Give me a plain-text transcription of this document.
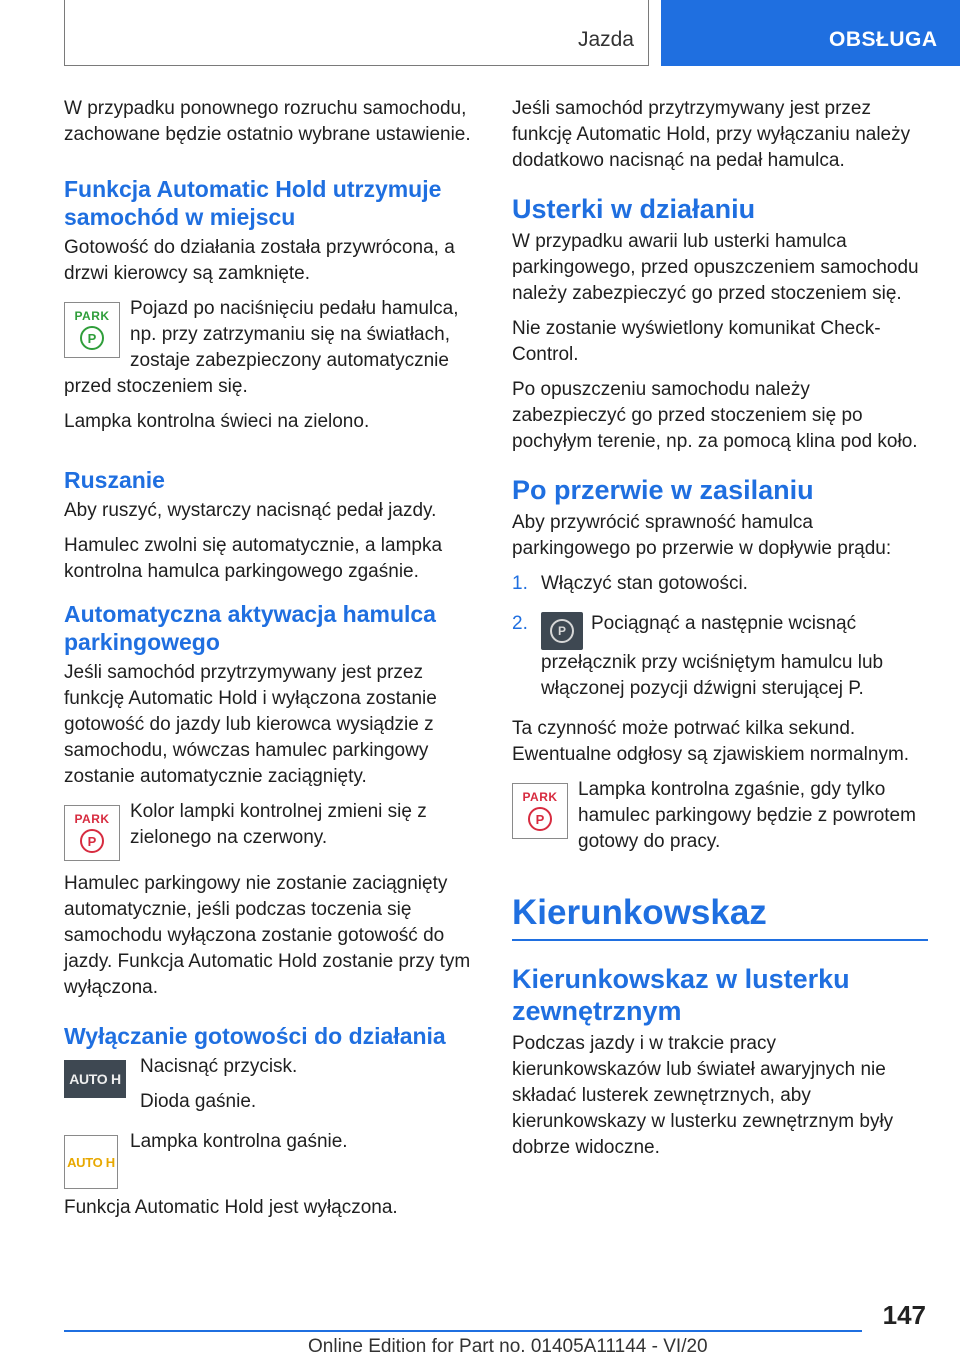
Jazda	OBSŁUGA

W przypadku ponownego rozruchu samochodu, zachowane będzie ostatnio wybrane ustawienie.

Funkcja Automatic Hold utrzymuje samochód w miejscu

Gotowość do działania została przywrócona, a drzwi kierowcy są zamknięte.

PARK
P

Pojazd po naciśnięciu pedału hamulca, np. przy zatrzymaniu się na światłach, zostaje zabezpieczony automatycznie

przed stoczeniem się.

Lampka kontrolna świeci na zielono.

Ruszanie

Aby ruszyć, wystarczy nacisnąć pedał jazdy.

Hamulec zwolni się automatycznie, a lampka kontrolna hamulca parkingowego zgaśnie.

Automatyczna aktywacja hamulca parkingowego

Jeśli samochód przytrzymywany jest przez funkcję Automatic Hold i wyłączona zostanie gotowość do jazdy lub kierowca wysiądzie z samochodu, wówczas hamulec parkingowy zostanie automatycznie zaciągnięty.

PARK
P

Kolor lampki kontrolnej zmieni się z zielonego na czerwony.

Hamulec parkingowy nie zostanie zaciągnięty automatycznie, jeśli podczas toczenia się samochodu wyłączona zostanie gotowość do jazdy. Funkcja Automatic Hold zostanie przy tym wyłączona.

Wyłączanie gotowości do działania
AUTO H

Nacisnąć przycisk.

Dioda gaśnie.

AUTO H

Lampka kontrolna gaśnie.

Funkcja Automatic Hold jest wyłączona.

Jeśli samochód przytrzymywany jest przez funkcję Automatic Hold, przy wyłączaniu należy dodatkowo nacisnąć na pedał hamulca.

Usterki w działaniu

W przypadku awarii lub usterki hamulca parkingowego, przed opuszczeniem samochodu należy zabezpieczyć go przed stoczeniem się.

Nie zostanie wyświetlony komunikat Check-Control.

Po opuszczeniu samochodu należy zabezpieczyć go przed stoczeniem się po pochyłym terenie, np. za pomocą klina pod koło.

Po przerwie w zasilaniu

Aby przywrócić sprawność hamulca parkingowego po przerwie w dopływie prądu:

1. Włączyć stan gotowości.
2.	P	Pociągnąć a następnie wcisnąć przełącznik przy wciśniętym hamulcu lub włączonej pozycji dźwigni sterującej P.

Ta czynność może potrwać kilka sekund. Ewentualne odgłosy są zjawiskiem normalnym.

PARK
P

Lampka kontrolna zgaśnie, gdy tylko hamulec parkingowy będzie z powrotem gotowy do pracy.

Kierunkowskaz
Kierunkowskaz w lusterku zewnętrznym

Podczas jazdy i w trakcie pracy kierunkowskazów lub świateł awaryjnych nie składać lusterek zewnętrznych, aby kierunkowskazy w lusterku zewnętrznym były dobrze widoczne.

147
Online Edition for Part no. 01405A11144 - VI/20
